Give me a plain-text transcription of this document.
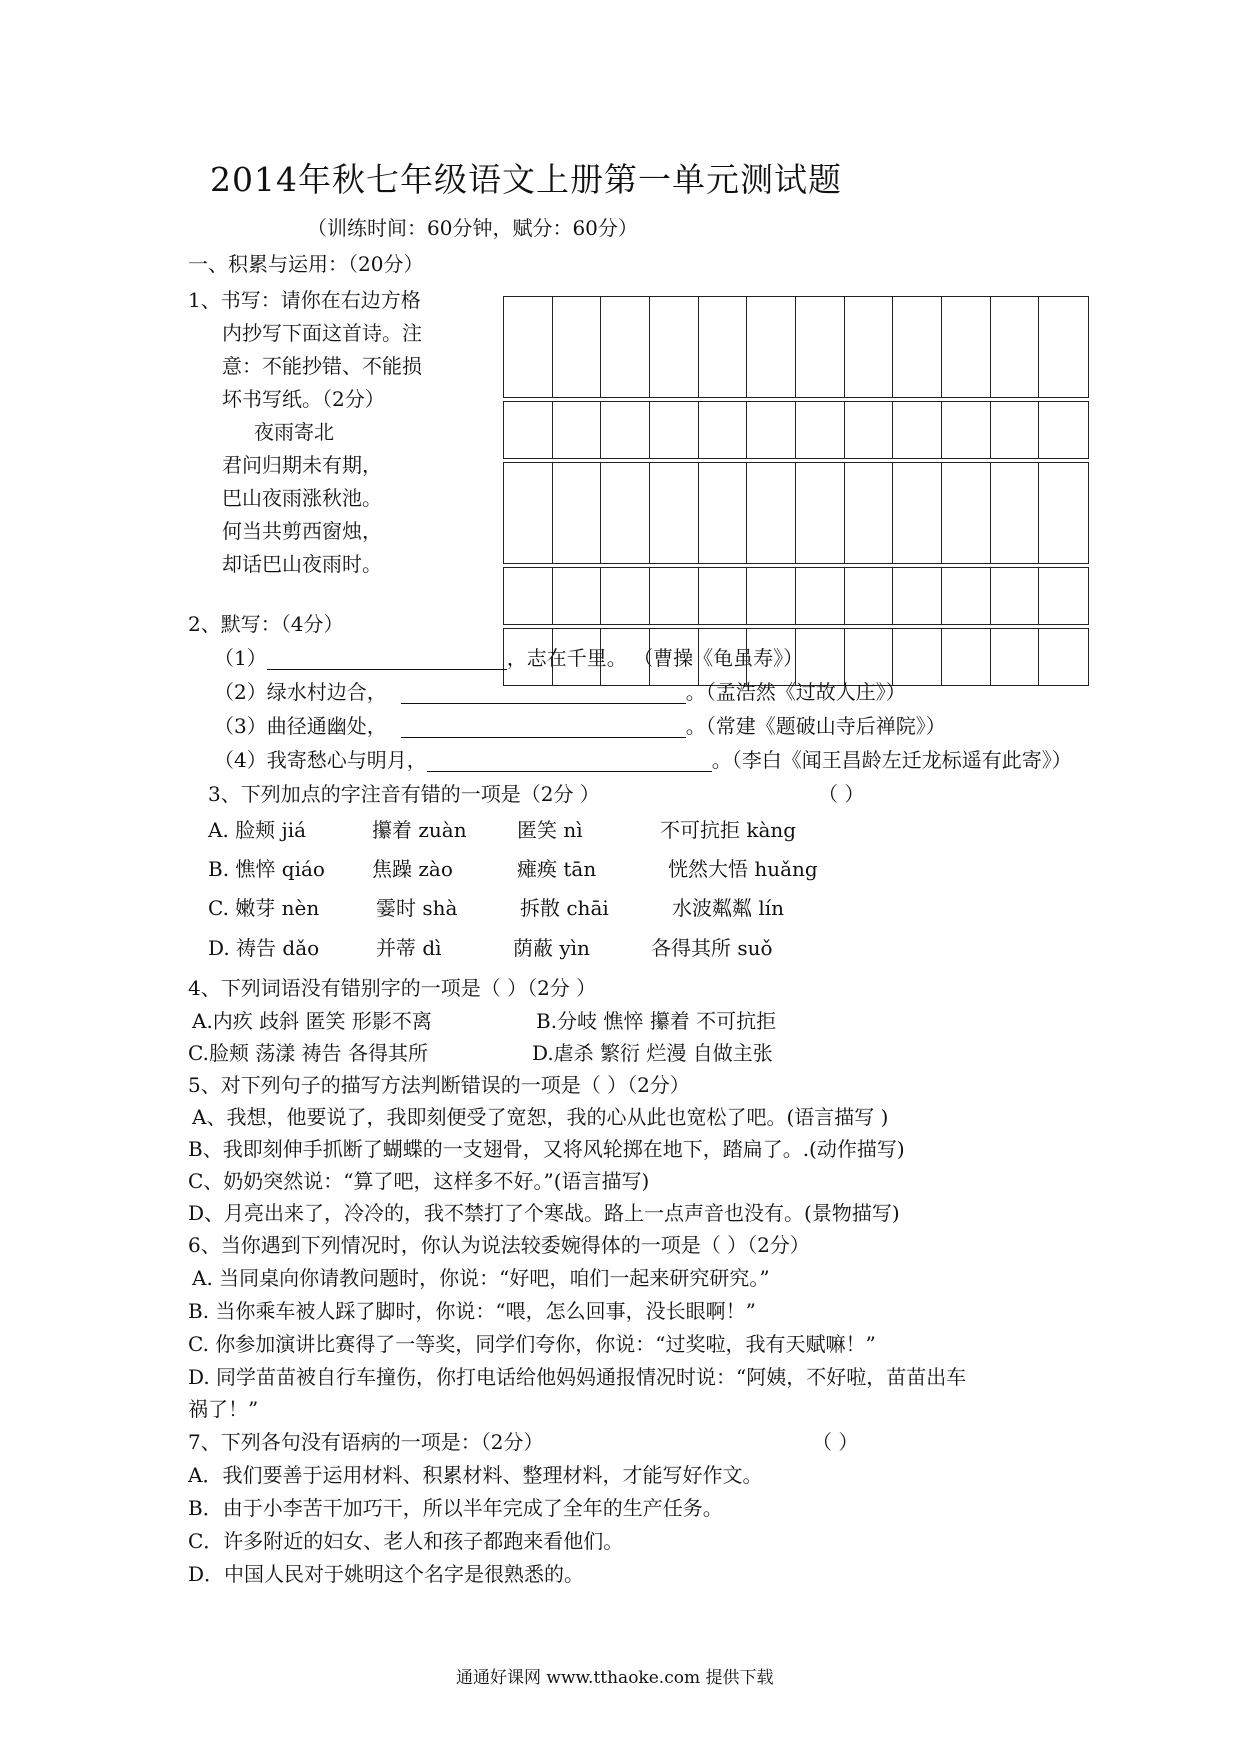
2014年秋七年级语文上册第一单元测试题
（训练时间：60分钟，赋分：60分）
一、积累与运用：（20分）
1、书写：请你在右边方格
内抄写下面这首诗。注
意：不能抄错、不能损
坏书写纸。（2分）
夜雨寄北
君问归期未有期，
巴山夜雨涨秋池。
何当共剪西窗烛，
却话巴山夜雨时。
2、默写：（4分）
（1）	，志在千里。 （曹操《龟虽寿》）
（2）绿水村边合，	。（孟浩然《过故人庄》）
（3）曲径通幽处，	。（常建《题破山寺后禅院》）
（4）我寄愁心与明月，	。（李白《闻王昌龄左迁龙标遥有此寄》）
3、下列加点的字注音有错的一项是（2分 ）	（ ）
A. 脸颊 jiá	攥着 zuàn	匿笑 nì	不可抗拒 kàng
B. 憔悴 qiáo 焦躁 zào	瘫痪 tān	恍然大悟 huǎng
C. 嫩芽 nèn	霎时 shà	拆散 chāi	水波粼粼 lín
D. 祷告 dǎo	并蒂 dì	荫蔽 yìn	各得其所 suǒ
4、下列词语没有错别字的一项是（ ）（2分 ）
A.内疚 歧斜 匿笑 形影不离	B.分岐 憔悴 攥着 不可抗拒
C.脸颊 荡漾 祷告 各得其所	D.虐杀 繁衍 烂漫 自做主张
5、对下列句子的描写方法判断错误的一项是（ ）（2分）
A、我想，他要说了，我即刻便受了宽恕，我的心从此也宽松了吧。(语言描写 )
B、我即刻伸手抓断了蝴蝶的一支翅骨，又将风轮掷在地下，踏扁了。.(动作描写)
C、奶奶突然说：“算了吧，这样多不好。”(语言描写)
D、月亮出来了，冷冷的，我不禁打了个寒战。路上一点声音也没有。(景物描写)
6、当你遇到下列情况时，你认为说法较委婉得体的一项是（ ）（2分）
A. 当同桌向你请教问题时，你说：“好吧，咱们一起来研究研究。”
B. 当你乘车被人踩了脚时，你说：“喂，怎么回事，没长眼啊！”
C. 你参加演讲比赛得了一等奖，同学们夸你，你说：“过奖啦，我有天赋嘛！”
D. 同学苗苗被自行车撞伤，你打电话给他妈妈通报情况时说：“阿姨，不好啦，苗苗出车
祸了！”
7、下列各句没有语病的一项是：（2分）	（ ）
A．我们要善于运用材料、积累材料、整理材料，才能写好作文。
B．由于小李苦干加巧干，所以半年完成了全年的生产任务。
C．许多附近的妇女、老人和孩子都跑来看他们。
D．中国人民对于姚明这个名字是很熟悉的。
通通好课网 www.tthaoke.com 提供下载
